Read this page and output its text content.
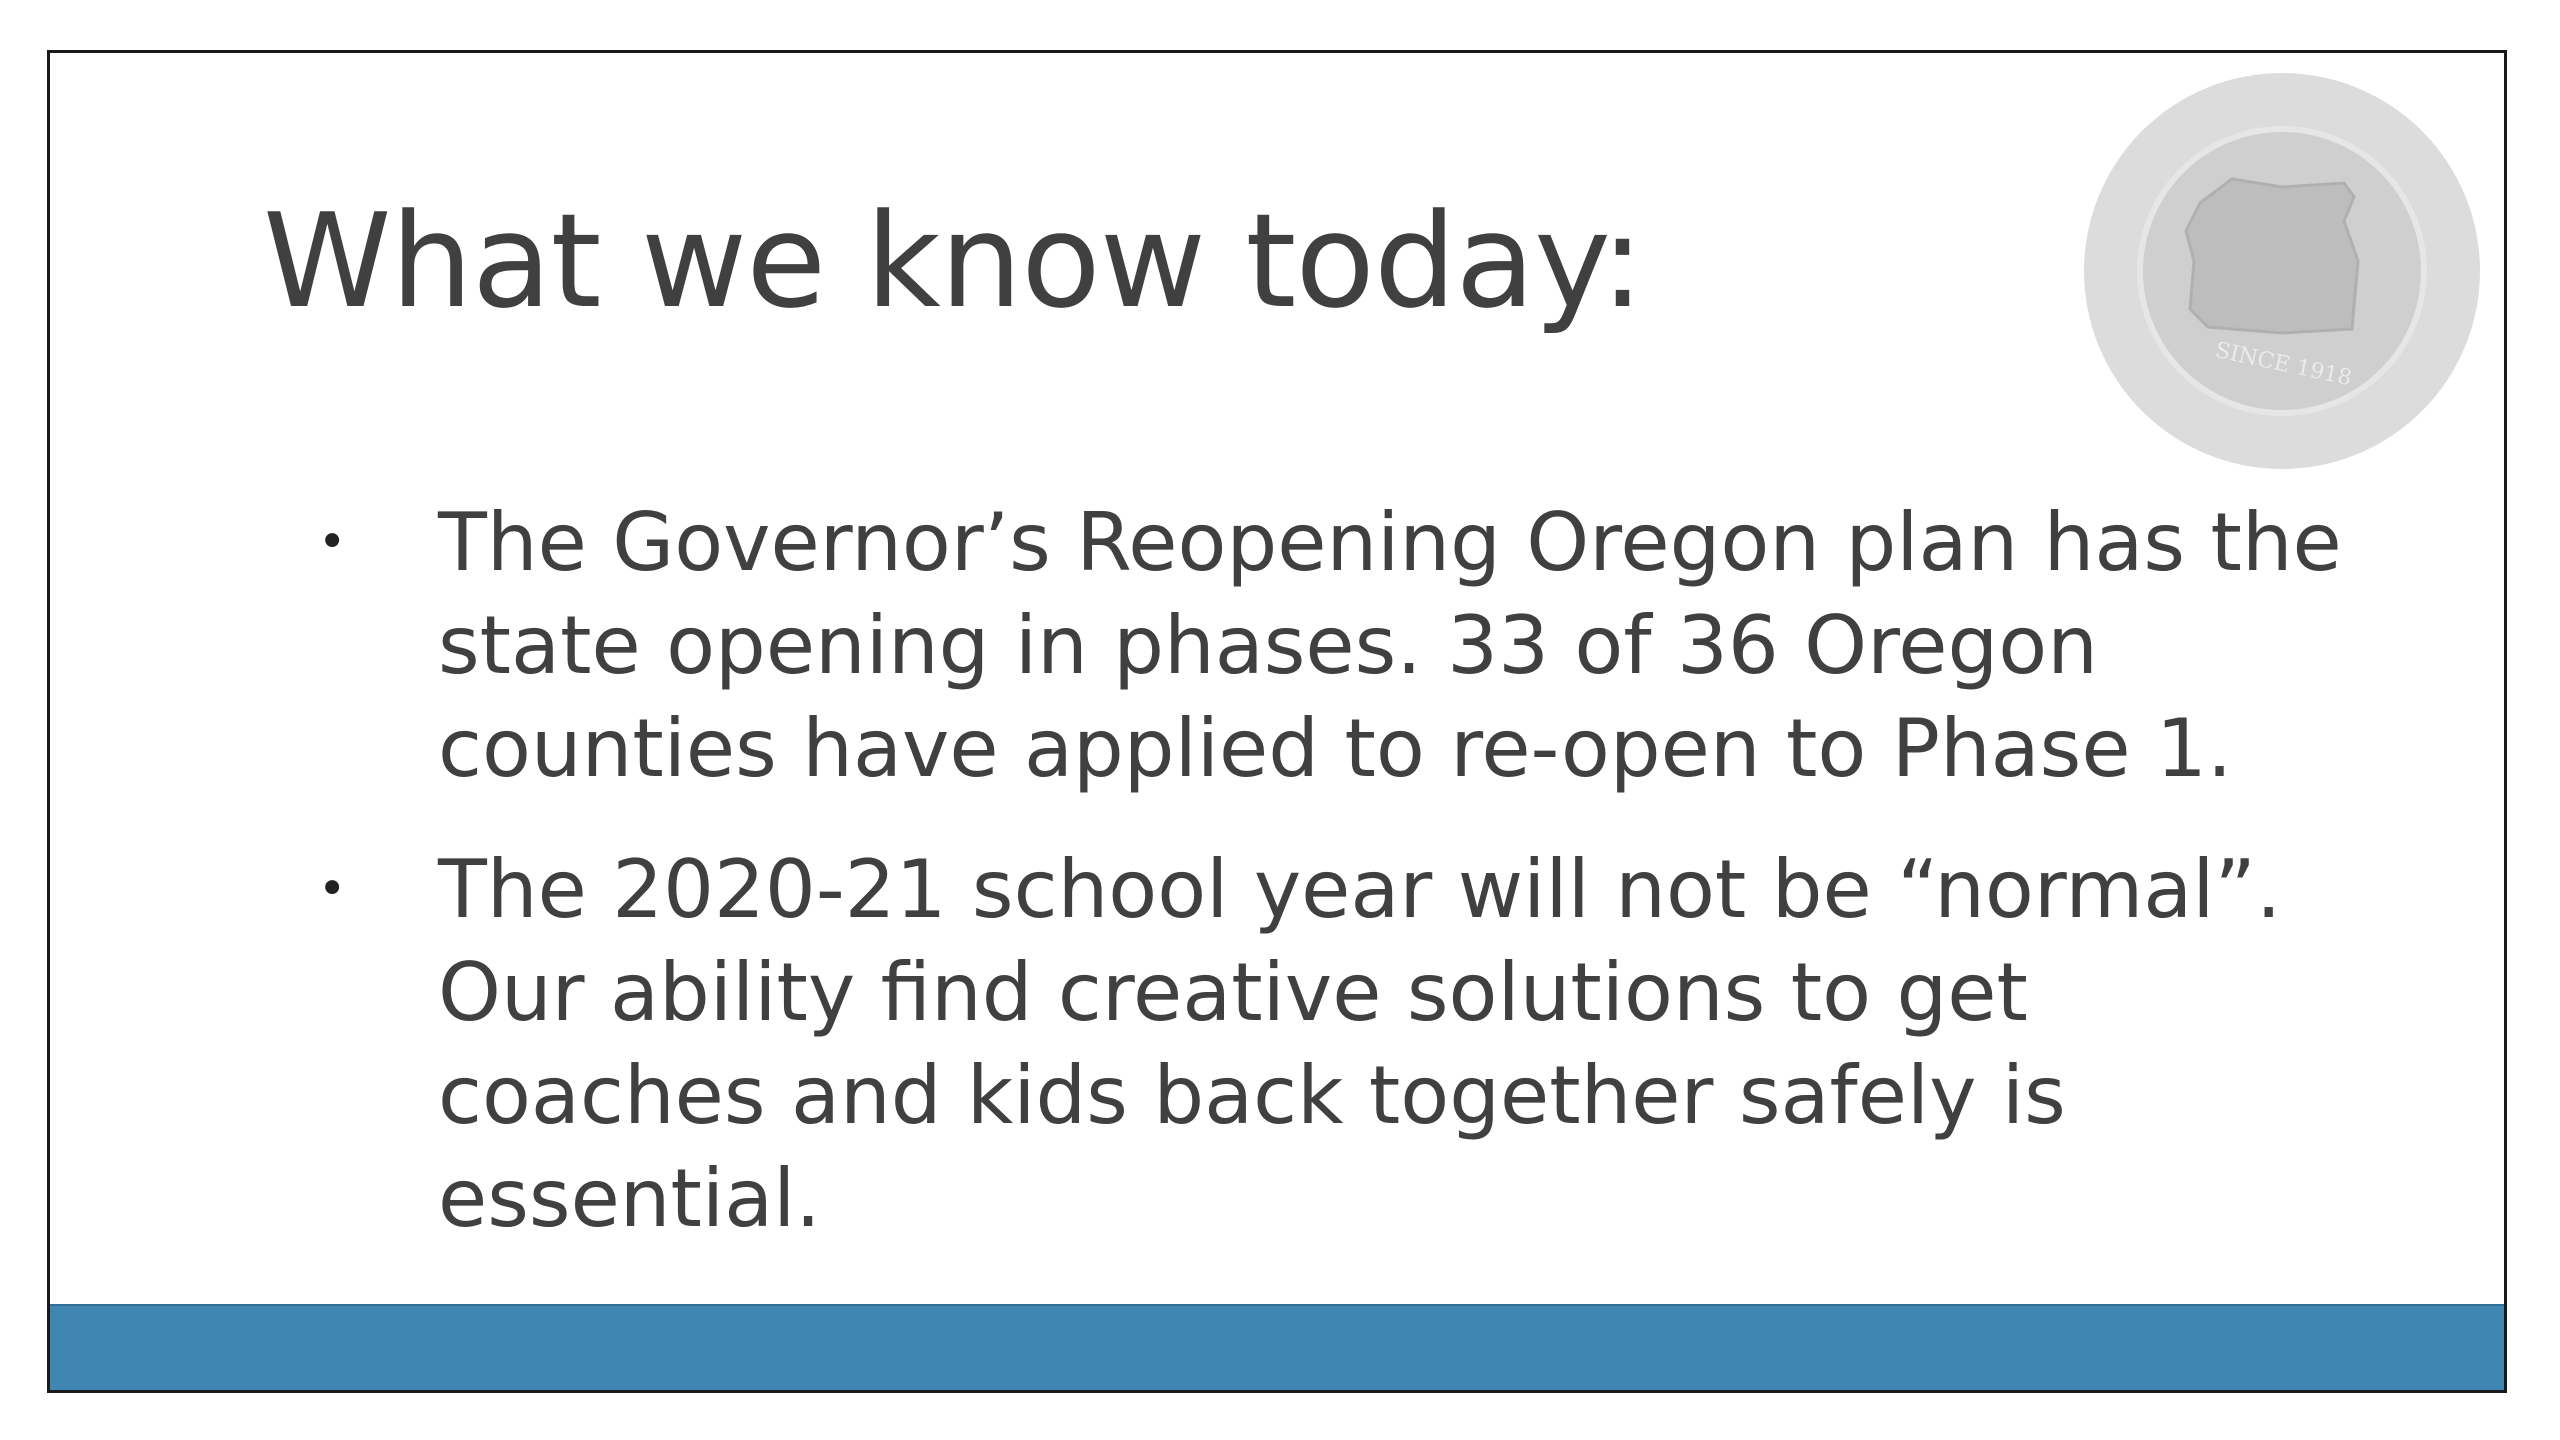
SINCE 1918
What we know today:
• The Governor’s Reopening Oregon plan has the state opening in phases. 33 of 36 Oregon counties have applied to re-open to Phase 1.
• The 2020-21 school year will not be “normal”. Our ability find creative solutions to get coaches and kids back together safely is essential.
